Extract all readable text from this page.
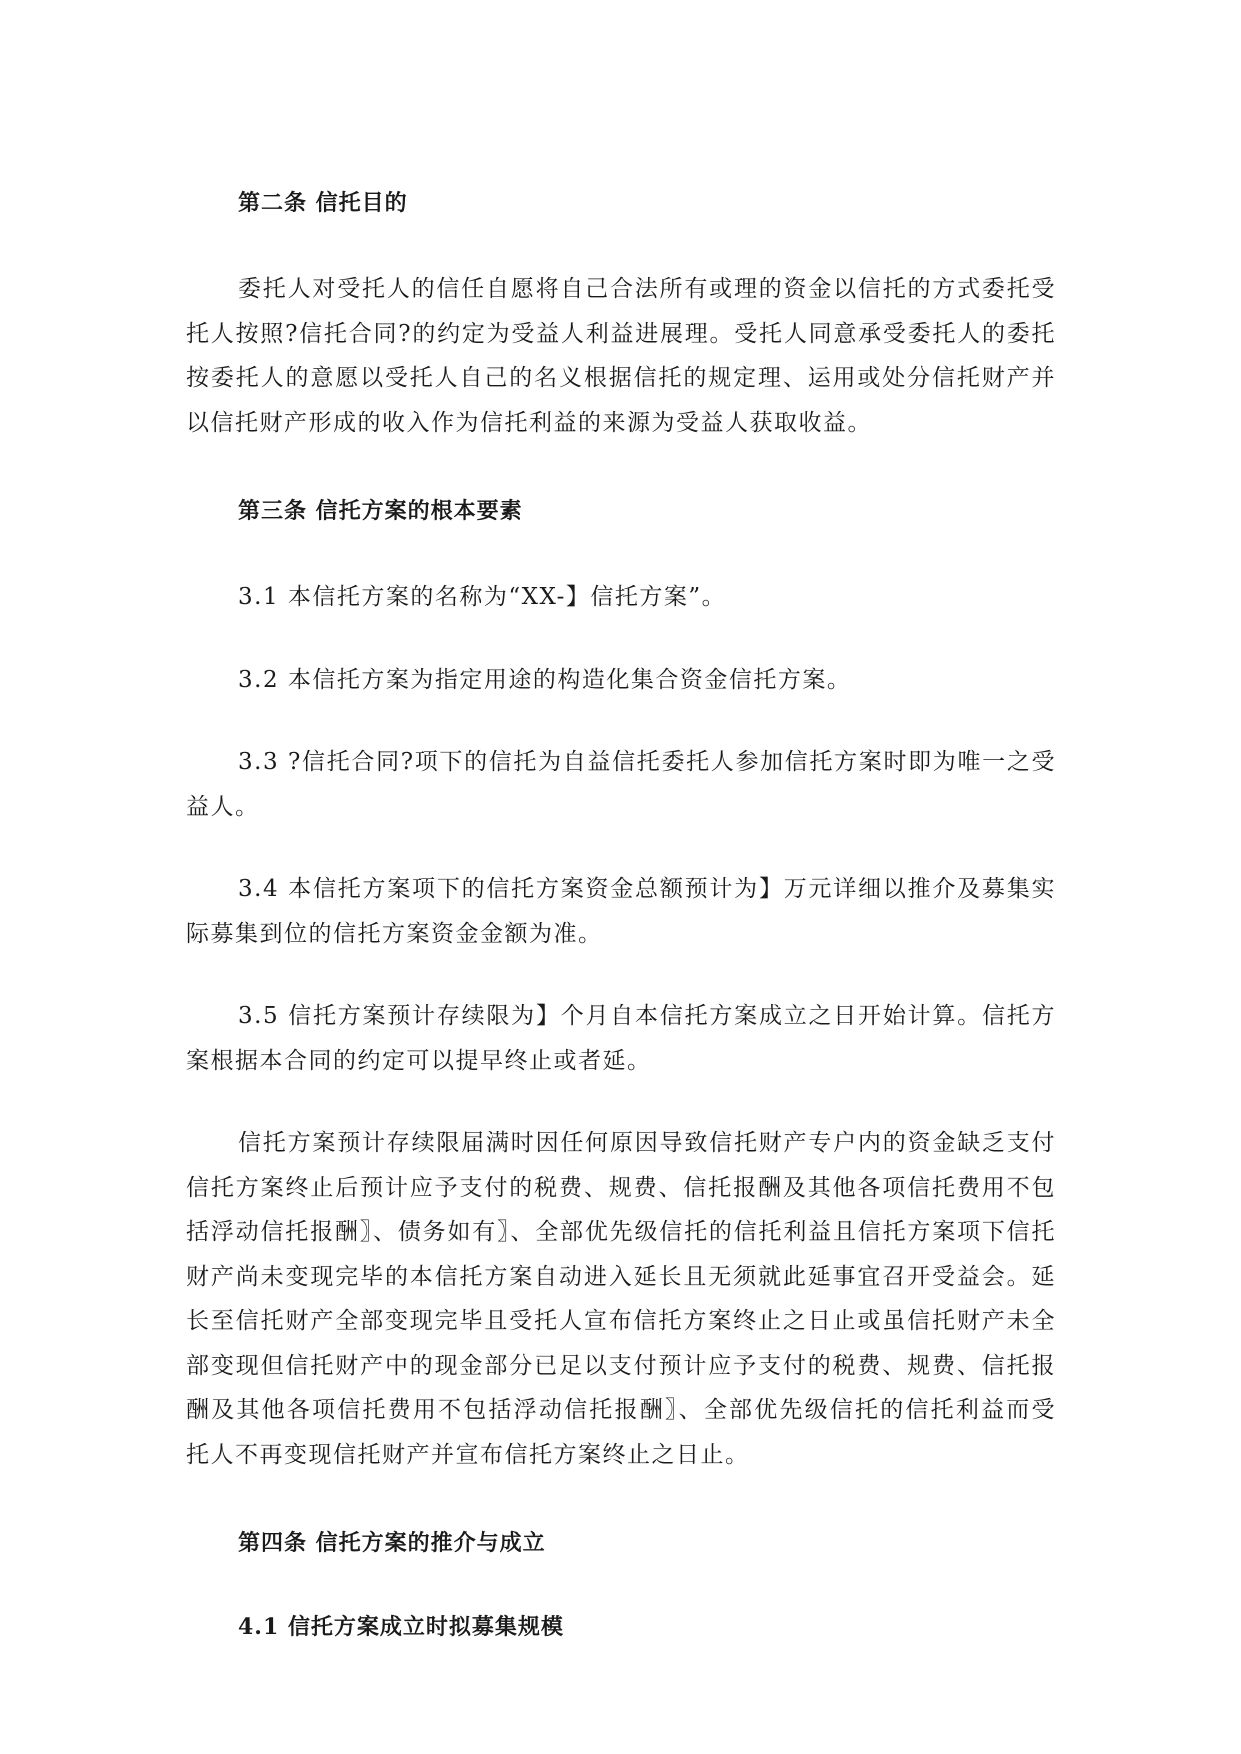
第二条 信托目的

委托人对受托人的信任自愿将自己合法所有或理的资金以信托的方式委托受托人按照?信托合同?的约定为受益人利益进展理。受托人同意承受委托人的委托按委托人的意愿以受托人自己的名义根据信托的规定理、运用或处分信托财产并以信托财产形成的收入作为信托利益的来源为受益人获取收益。

第三条 信托方案的根本要素

3.1 本信托方案的名称为“XX-】信托方案”。

3.2 本信托方案为指定用途的构造化集合资金信托方案。

3.3 ?信托合同?项下的信托为自益信托委托人参加信托方案时即为唯一之受益人。

3.4 本信托方案项下的信托方案资金总额预计为】万元详细以推介及募集实际募集到位的信托方案资金金额为准。

3.5 信托方案预计存续限为】个月自本信托方案成立之日开始计算。信托方案根据本合同的约定可以提早终止或者延。

信托方案预计存续限届满时因任何原因导致信托财产专户内的资金缺乏支付信托方案终止后预计应予支付的税费、规费、信托报酬及其他各项信托费用不包括浮动信托报酬〗、债务如有〗、全部优先级信托的信托利益且信托方案项下信托财产尚未变现完毕的本信托方案自动进入延长且无须就此延事宜召开受益会。延长至信托财产全部变现完毕且受托人宣布信托方案终止之日止或虽信托财产未全部变现但信托财产中的现金部分已足以支付预计应予支付的税费、规费、信托报酬及其他各项信托费用不包括浮动信托报酬〗、全部优先级信托的信托利益而受托人不再变现信托财产并宣布信托方案终止之日止。

第四条 信托方案的推介与成立
4.1 信托方案成立时拟募集规模
